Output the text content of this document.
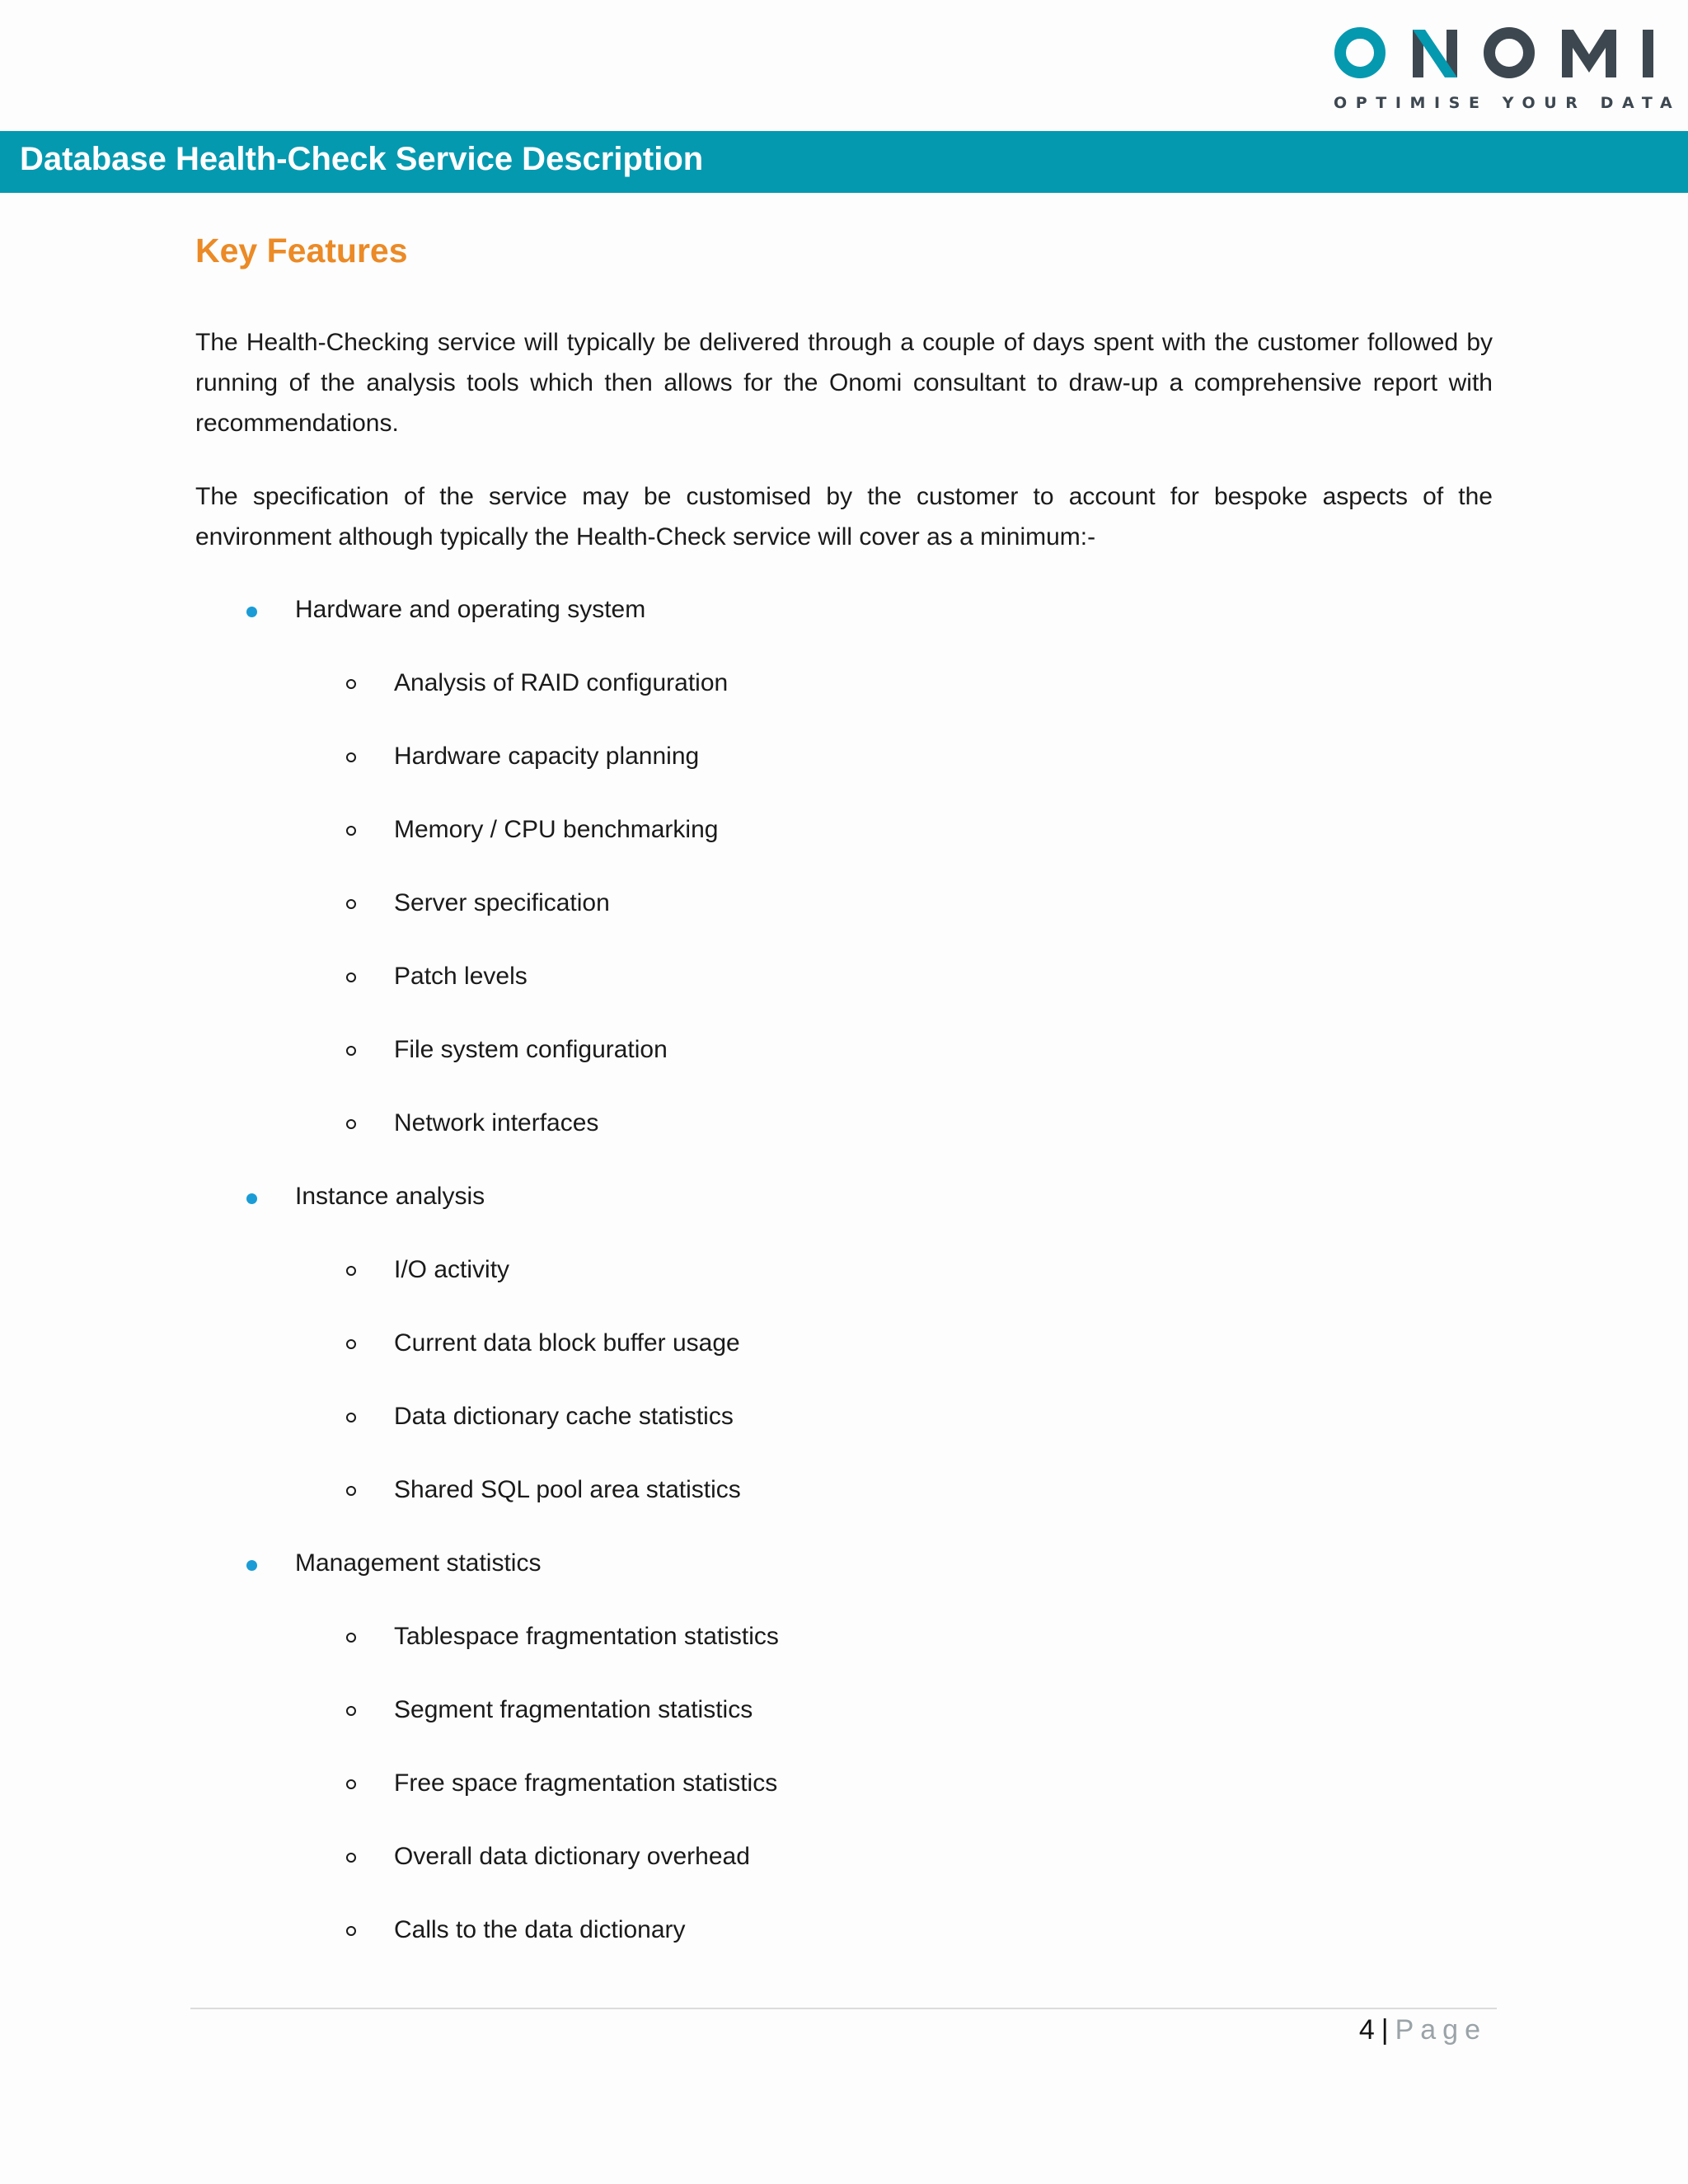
OPTIMISE YOUR DATA
Database Health-Check Service Description
Key Features

The Health-Checking service will typically be delivered through a couple of days spent with the customer followed by running of the analysis tools which then allows for the Onomi consultant to draw-up a comprehensive report with recommendations.

The specification of the service may be customised by the customer to account for bespoke aspects of the environment although typically the Health-Check service will cover as a minimum:-

Hardware and operating system
Analysis of RAID configuration
Hardware capacity planning
Memory / CPU benchmarking
Server specification
Patch levels
File system configuration
Network interfaces
Instance analysis
I/O activity
Current data block buffer usage
Data dictionary cache statistics
Shared SQL pool area statistics
Management statistics
Tablespace fragmentation statistics
Segment fragmentation statistics
Free space fragmentation statistics
Overall data dictionary overhead
Calls to the data dictionary
4 | Page
